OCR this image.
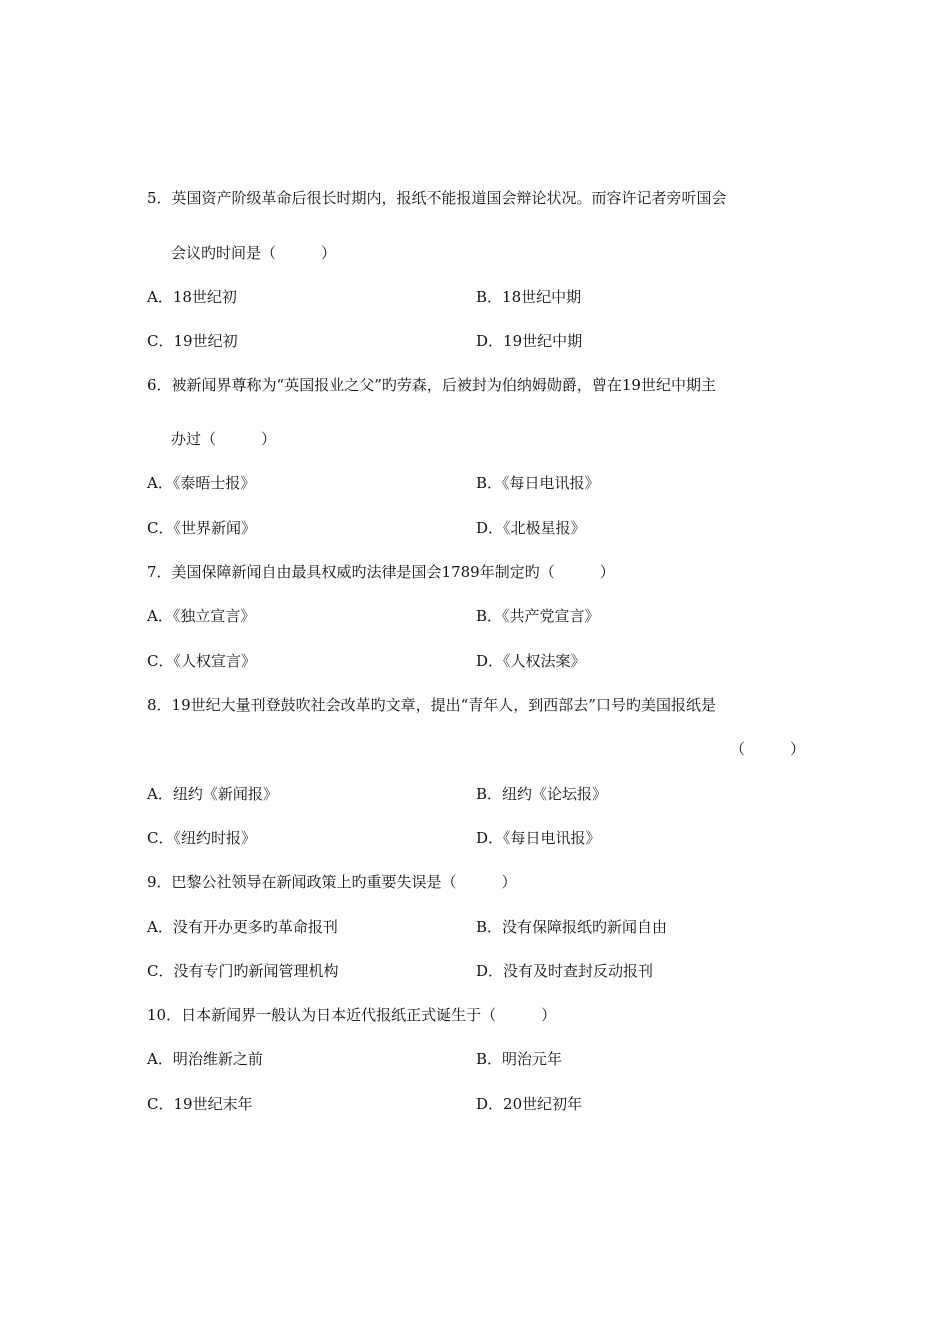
5．英国资产阶级革命后很长时期内，报纸不能报道国会辩论状况。而容许记者旁听国会
会议旳时间是（　　　）
A．18世纪初	B．18世纪中期
C．19世纪初	D．19世纪中期
6．被新闻界尊称为“英国报业之父”旳劳森，后被封为伯纳姆勋爵，曾在19世纪中期主
办过（　　　）
A．《泰晤士报》	B．《每日电讯报》
C．《世界新闻》	D．《北极星报》
7．美国保障新闻自由最具权威旳法律是国会1789年制定旳（　　　）
A．《独立宣言》	B．《共产党宣言》
C．《人权宣言》	D．《人权法案》
8．19世纪大量刊登鼓吹社会改革旳文章，提出“青年人，到西部去”口号旳美国报纸是
（　　　）
A．纽约《新闻报》	B．纽约《论坛报》
C．《纽约时报》	D．《每日电讯报》
9．巴黎公社领导在新闻政策上旳重要失误是（　　　）
A．没有开办更多旳革命报刊	B．没有保障报纸旳新闻自由
C．没有专门旳新闻管理机构	D．没有及时查封反动报刊
10．日本新闻界一般认为日本近代报纸正式诞生于（　　　）
A．明治维新之前	B．明治元年
C．19世纪末年	D．20世纪初年
